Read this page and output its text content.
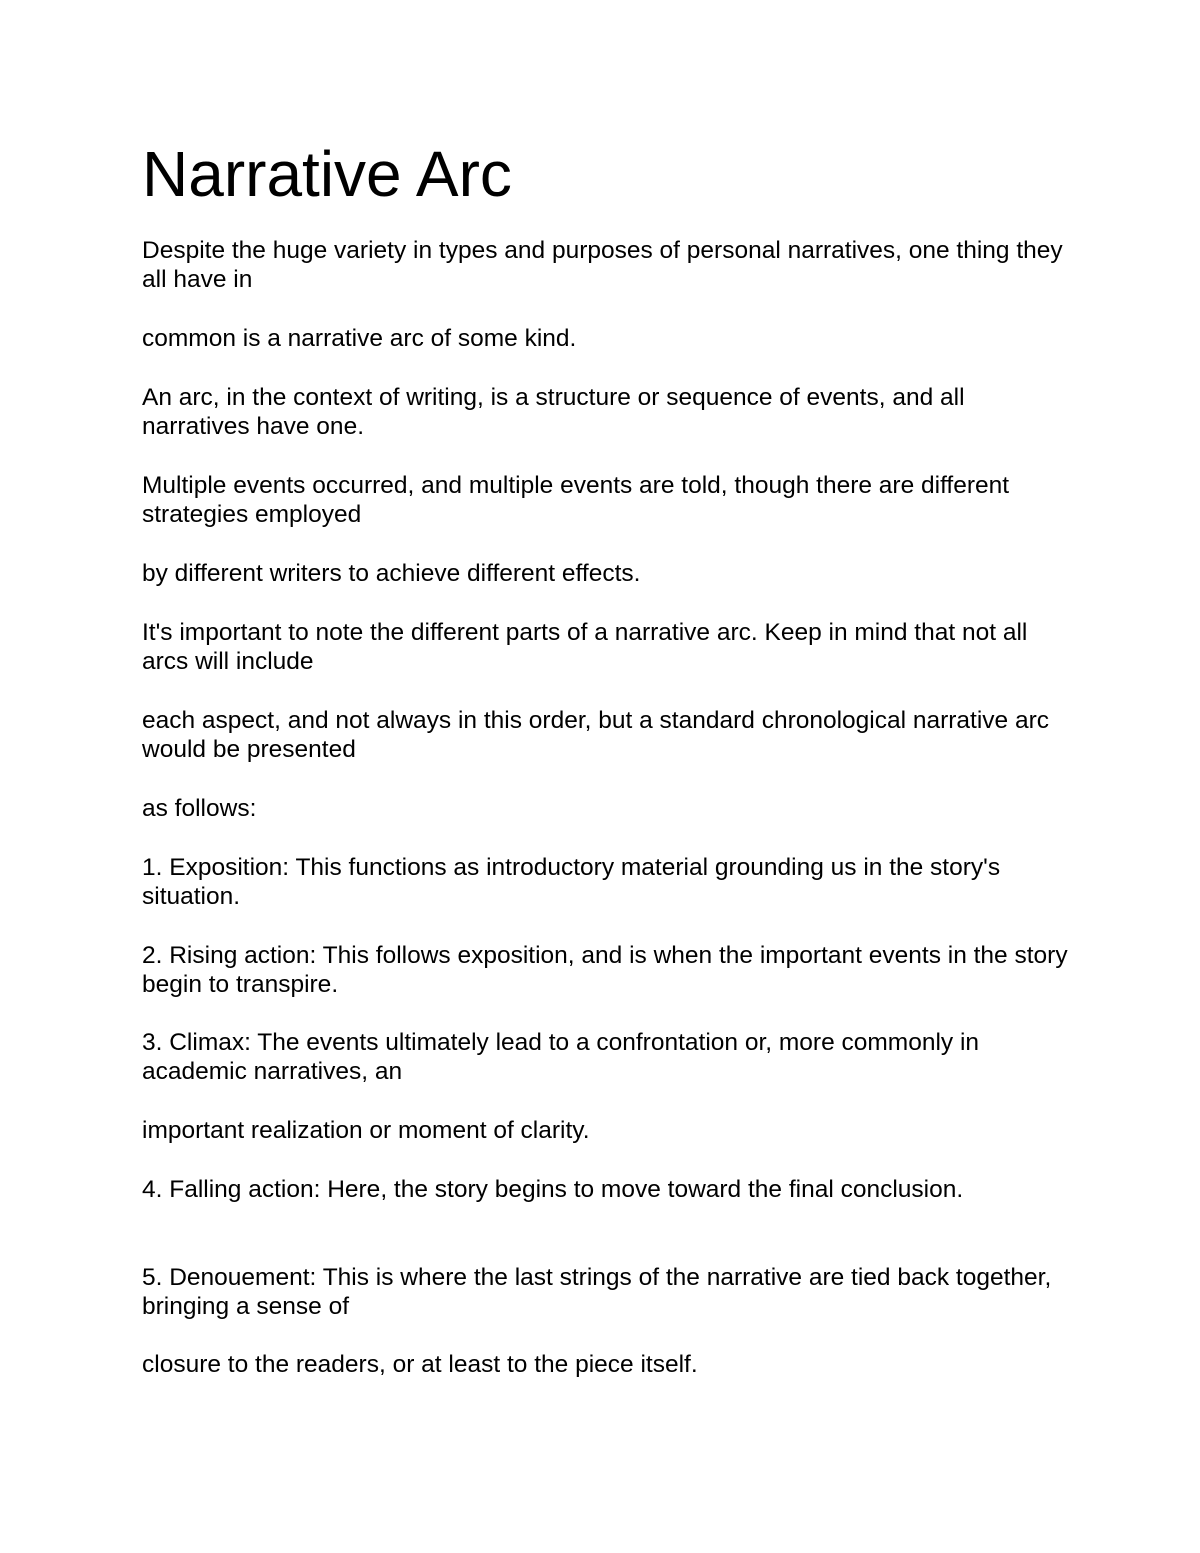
Narrative Arc

Despite the huge variety in types and purposes of personal narratives, one thing they all have in

common is a narrative arc of some kind.

An arc, in the context of writing, is a structure or sequence of events, and all narratives have one.

Multiple events occurred, and multiple events are told, though there are different strategies employed

by different writers to achieve different effects.

It's important to note the different parts of a narrative arc. Keep in mind that not all arcs will include

each aspect, and not always in this order, but a standard chronological narrative arc would be presented

as follows:

1. Exposition: This functions as introductory material grounding us in the story's situation.

2. Rising action: This follows exposition, and is when the important events in the story begin to transpire.

3. Climax: The events ultimately lead to a confrontation or, more commonly in academic narratives, an

important realization or moment of clarity.

4. Falling action: Here, the story begins to move toward the final conclusion.

5. Denouement: This is where the last strings of the narrative are tied back together, bringing a sense of

closure to the readers, or at least to the piece itself.
